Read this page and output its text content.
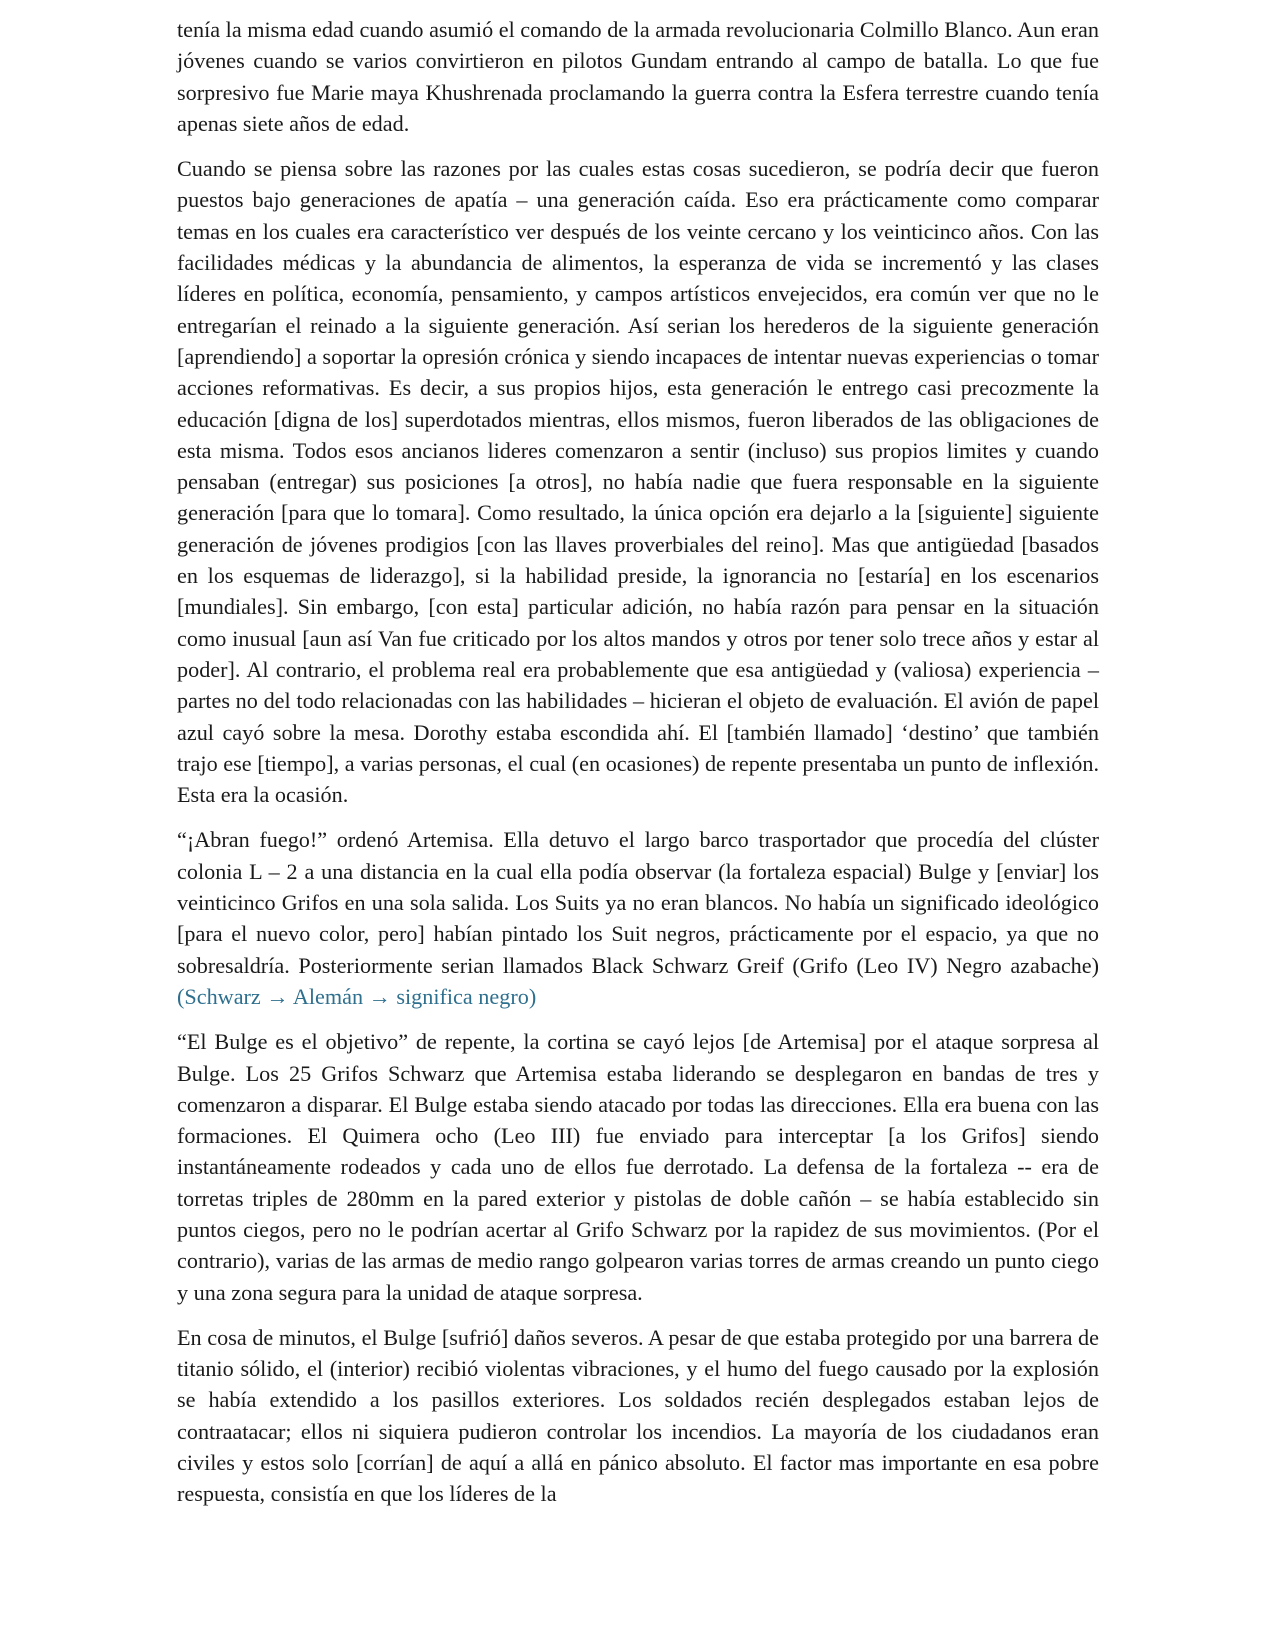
tenía la misma edad cuando asumió el comando de la armada revolucionaria Colmillo Blanco. Aun eran jóvenes cuando se varios convirtieron en pilotos Gundam entrando al campo de batalla. Lo que fue sorpresivo fue Marie maya Khushrenada proclamando la guerra contra la Esfera terrestre cuando tenía apenas siete años de edad.

Cuando se piensa sobre las razones por las cuales estas cosas sucedieron, se podría decir que fueron puestos bajo generaciones de apatía – una generación caída. Eso era prácticamente como comparar temas en los cuales era característico ver después de los veinte cercano y los veinticinco años. Con las facilidades médicas y la abundancia de alimentos, la esperanza de vida se incrementó y las clases líderes en política, economía, pensamiento, y campos artísticos envejecidos, era común ver que no le entregarían el reinado a la siguiente generación. Así serian los herederos de la siguiente generación [aprendiendo] a soportar la opresión crónica y siendo incapaces de intentar nuevas experiencias o tomar acciones reformativas. Es decir, a sus propios hijos, esta generación le entrego casi precozmente la educación [digna de los] superdotados mientras, ellos mismos, fueron liberados de las obligaciones de esta misma. Todos esos ancianos lideres comenzaron a sentir (incluso) sus propios limites y cuando pensaban (entregar) sus posiciones [a otros], no había nadie que fuera responsable en la siguiente generación [para que lo tomara]. Como resultado, la única opción era dejarlo a la [siguiente] siguiente generación de jóvenes prodigios [con las llaves proverbiales del reino]. Mas que antigüedad [basados en los esquemas de liderazgo], si la habilidad preside, la ignorancia no [estaría] en los escenarios [mundiales]. Sin embargo, [con esta] particular adición, no había razón para pensar en la situación como inusual [aun así Van fue criticado por los altos mandos y otros por tener solo trece años y estar al poder]. Al contrario, el problema real era probablemente que esa antigüedad y (valiosa) experiencia – partes no del todo relacionadas con las habilidades – hicieran el objeto de evaluación. El avión de papel azul cayó sobre la mesa. Dorothy estaba escondida ahí. El [también llamado] ‘destino’ que también trajo ese [tiempo], a varias personas, el cual (en ocasiones) de repente presentaba un punto de inflexión. Esta era la ocasión.

“¡Abran fuego!” ordenó Artemisa. Ella detuvo el largo barco trasportador que procedía del clúster colonia L – 2 a una distancia en la cual ella podía observar (la fortaleza espacial) Bulge y [enviar] los veinticinco Grifos en una sola salida. Los Suits ya no eran blancos. No había un significado ideológico [para el nuevo color, pero] habían pintado los Suit negros, prácticamente por el espacio, ya que no sobresaldría. Posteriormente serian llamados Black Schwarz Greif (Grifo (Leo IV) Negro azabache) (Schwarz → Alemán → significa negro)

“El Bulge es el objetivo” de repente, la cortina se cayó lejos [de Artemisa] por el ataque sorpresa al Bulge. Los 25 Grifos Schwarz que Artemisa estaba liderando se desplegaron en bandas de tres y comenzaron a disparar. El Bulge estaba siendo atacado por todas las direcciones. Ella era buena con las formaciones. El Quimera ocho (Leo III) fue enviado para interceptar [a los Grifos] siendo instantáneamente rodeados y cada uno de ellos fue derrotado. La defensa de la fortaleza -- era de torretas triples de 280mm en la pared exterior y pistolas de doble cañón – se había establecido sin puntos ciegos, pero no le podrían acertar al Grifo Schwarz por la rapidez de sus movimientos. (Por el contrario), varias de las armas de medio rango golpearon varias torres de armas creando un punto ciego y una zona segura para la unidad de ataque sorpresa.

En cosa de minutos, el Bulge [sufrió] daños severos. A pesar de que estaba protegido por una barrera de titanio sólido, el (interior) recibió violentas vibraciones, y el humo del fuego causado por la explosión se había extendido a los pasillos exteriores. Los soldados recién desplegados estaban lejos de contraatacar; ellos ni siquiera pudieron controlar los incendios. La mayoría de los ciudadanos eran civiles y estos solo [corrían] de aquí a allá en pánico absoluto. El factor mas importante en esa pobre respuesta, consistía en que los líderes de la
